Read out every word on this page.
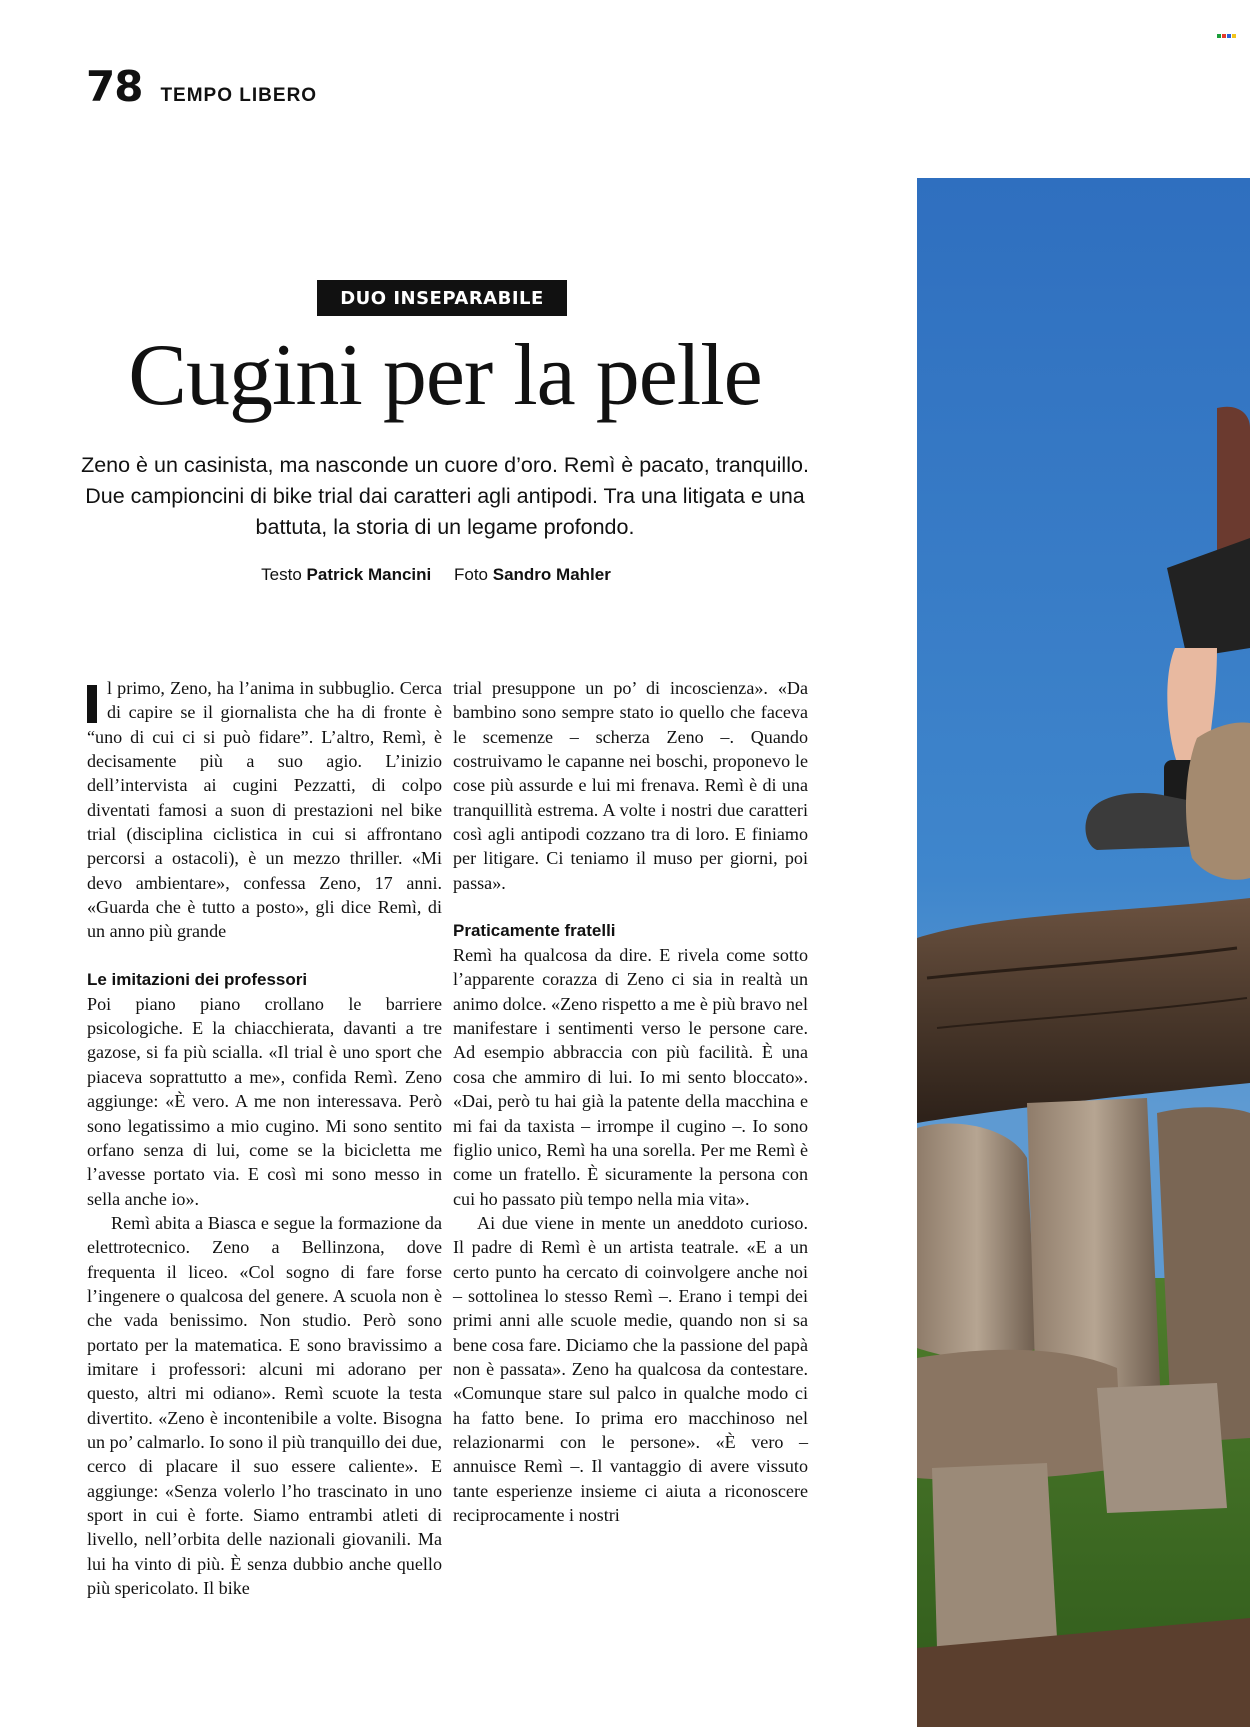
78 TEMPO LIBERO
DUO INSEPARABILE
Cugini per la pelle

Zeno è un casinista, ma nasconde un cuore d’oro. Remì è pacato, tranquillo. Due campioncini di bike trial dai caratteri agli antipodi. Tra una litigata e una battuta, la storia di un legame profondo.

Testo Patrick Mancini Foto Sandro Mahler

l primo, Zeno, ha l’anima in subbuglio. Cerca di capire se il giornalista che ha di fronte è “uno di cui ci si può fidare”. L’altro, Remì, è decisamente più a suo agio. L’inizio dell’intervista ai cugini Pezzatti, di colpo diventati famosi a suon di prestazioni nel bike trial (disciplina ciclistica in cui si affrontano percorsi a ostacoli), è un mezzo thriller. «Mi devo ambientare», confessa Zeno, 17 anni. «Guarda che è tutto a posto», gli dice Remì, di un anno più grande

Le imitazioni dei professori

Poi piano piano crollano le barriere psicologiche. E la chiacchierata, davanti a tre gazose, si fa più scialla. «Il trial è uno sport che piaceva soprattutto a me», confida Remì. Zeno aggiunge: «È vero. A me non interessava. Però sono legatissimo a mio cugino. Mi sono sentito orfano senza di lui, come se la bicicletta me l’avesse portato via. E così mi sono messo in sella anche io».

Remì abita a Biasca e segue la formazione da elettrotecnico. Zeno a Bellinzona, dove frequenta il liceo. «Col sogno di fare forse l’ingenere o qualcosa del genere. A scuola non è che vada benissimo. Non studio. Però sono portato per la matematica. E sono bravissimo a imitare i professori: alcuni mi adorano per questo, altri mi odiano». Remì scuote la testa divertito. «Zeno è incontenibile a volte. Bisogna un po’ calmarlo. Io sono il più tranquillo dei due, cerco di placare il suo essere caliente». E aggiunge: «Senza volerlo l’ho trascinato in uno sport in cui è forte. Siamo entrambi atleti di livello, nell’orbita delle nazionali giovanili. Ma lui ha vinto di più. È senza dubbio anche quello più spericolato. Il bike

trial presuppone un po’ di incoscienza». «Da bambino sono sempre stato io quello che faceva le scemenze – scherza Zeno –. Quando costruivamo le capanne nei boschi, proponevo le cose più assurde e lui mi frenava. Remì è di una tranquillità estrema. A volte i nostri due caratteri così agli antipodi cozzano tra di loro. E finiamo per litigare. Ci teniamo il muso per giorni, poi passa».

Praticamente fratelli

Remì ha qualcosa da dire. E rivela come sotto l’apparente corazza di Zeno ci sia in realtà un animo dolce. «Zeno rispetto a me è più bravo nel manifestare i sentimenti verso le persone care. Ad esempio abbraccia con più facilità. È una cosa che ammiro di lui. Io mi sento bloccato». «Dai, però tu hai già la patente della macchina e mi fai da taxista – irrompe il cugino –. Io sono figlio unico, Remì ha una sorella. Per me Remì è come un fratello. È sicuramente la persona con cui ho passato più tempo nella mia vita».

Ai due viene in mente un aneddoto curioso. Il padre di Remì è un artista teatrale. «E a un certo punto ha cercato di coinvolgere anche noi – sottolinea lo stesso Remì –. Erano i tempi dei primi anni alle scuole medie, quando non si sa bene cosa fare. Diciamo che la passione del papà non è passata». Zeno ha qualcosa da contestare. «Comunque stare sul palco in qualche modo ci ha fatto bene. Io prima ero macchinoso nel relazionarmi con le persone». «È vero – annuisce Remì –. Il vantaggio di avere vissuto tante esperienze insieme ci aiuta a riconoscere reciprocamente i nostri
